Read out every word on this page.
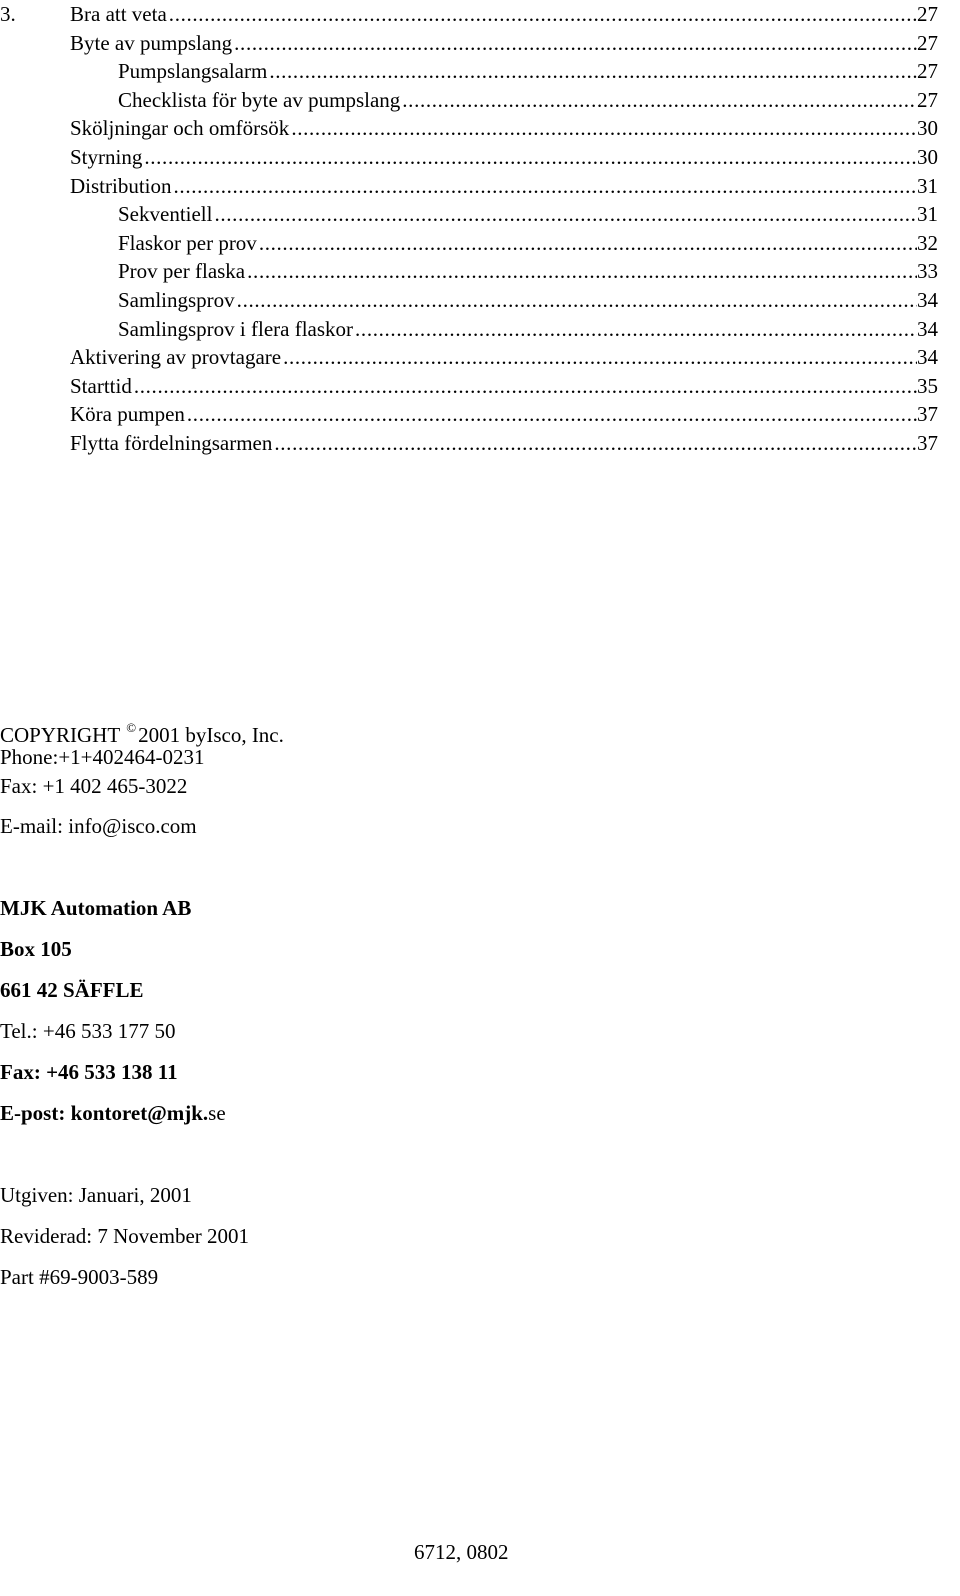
3.	Bra att veta . . .	27
Byte av pumpslang . . .	27
Pumpslangsalarm . . .	27
Checklista för byte av pumpslang . . .	27
Sköljningar och omförsök . . .	30
Styrning . . .	30
Distribution . . .	31
Sekventiell . . .	31
Flaskor per prov . . .	32
Prov per flaska . . .	33
Samlingsprov . . .	34
Samlingsprov i flera flaskor . . .	34
Aktivering av provtagare . . .	34
Starttid . . .	35
Köra pumpen . . .	37
Flytta fördelningsarmen . . .	37
COPYRIGHT ©2001 byIsco, Inc.
Phone:+1+402464-0231
Fax: +1 402 465-3022
E-mail: info@isco.com
MJK Automation AB
Box 105
661 42 SÄFFLE
Tel.: +46 533 177 50
Fax: +46 533 138 11
E-post: kontoret@mjk.se
Utgiven: Januari, 2001
Reviderad: 7 November 2001
Part #69-9003-589
6712, 0802
